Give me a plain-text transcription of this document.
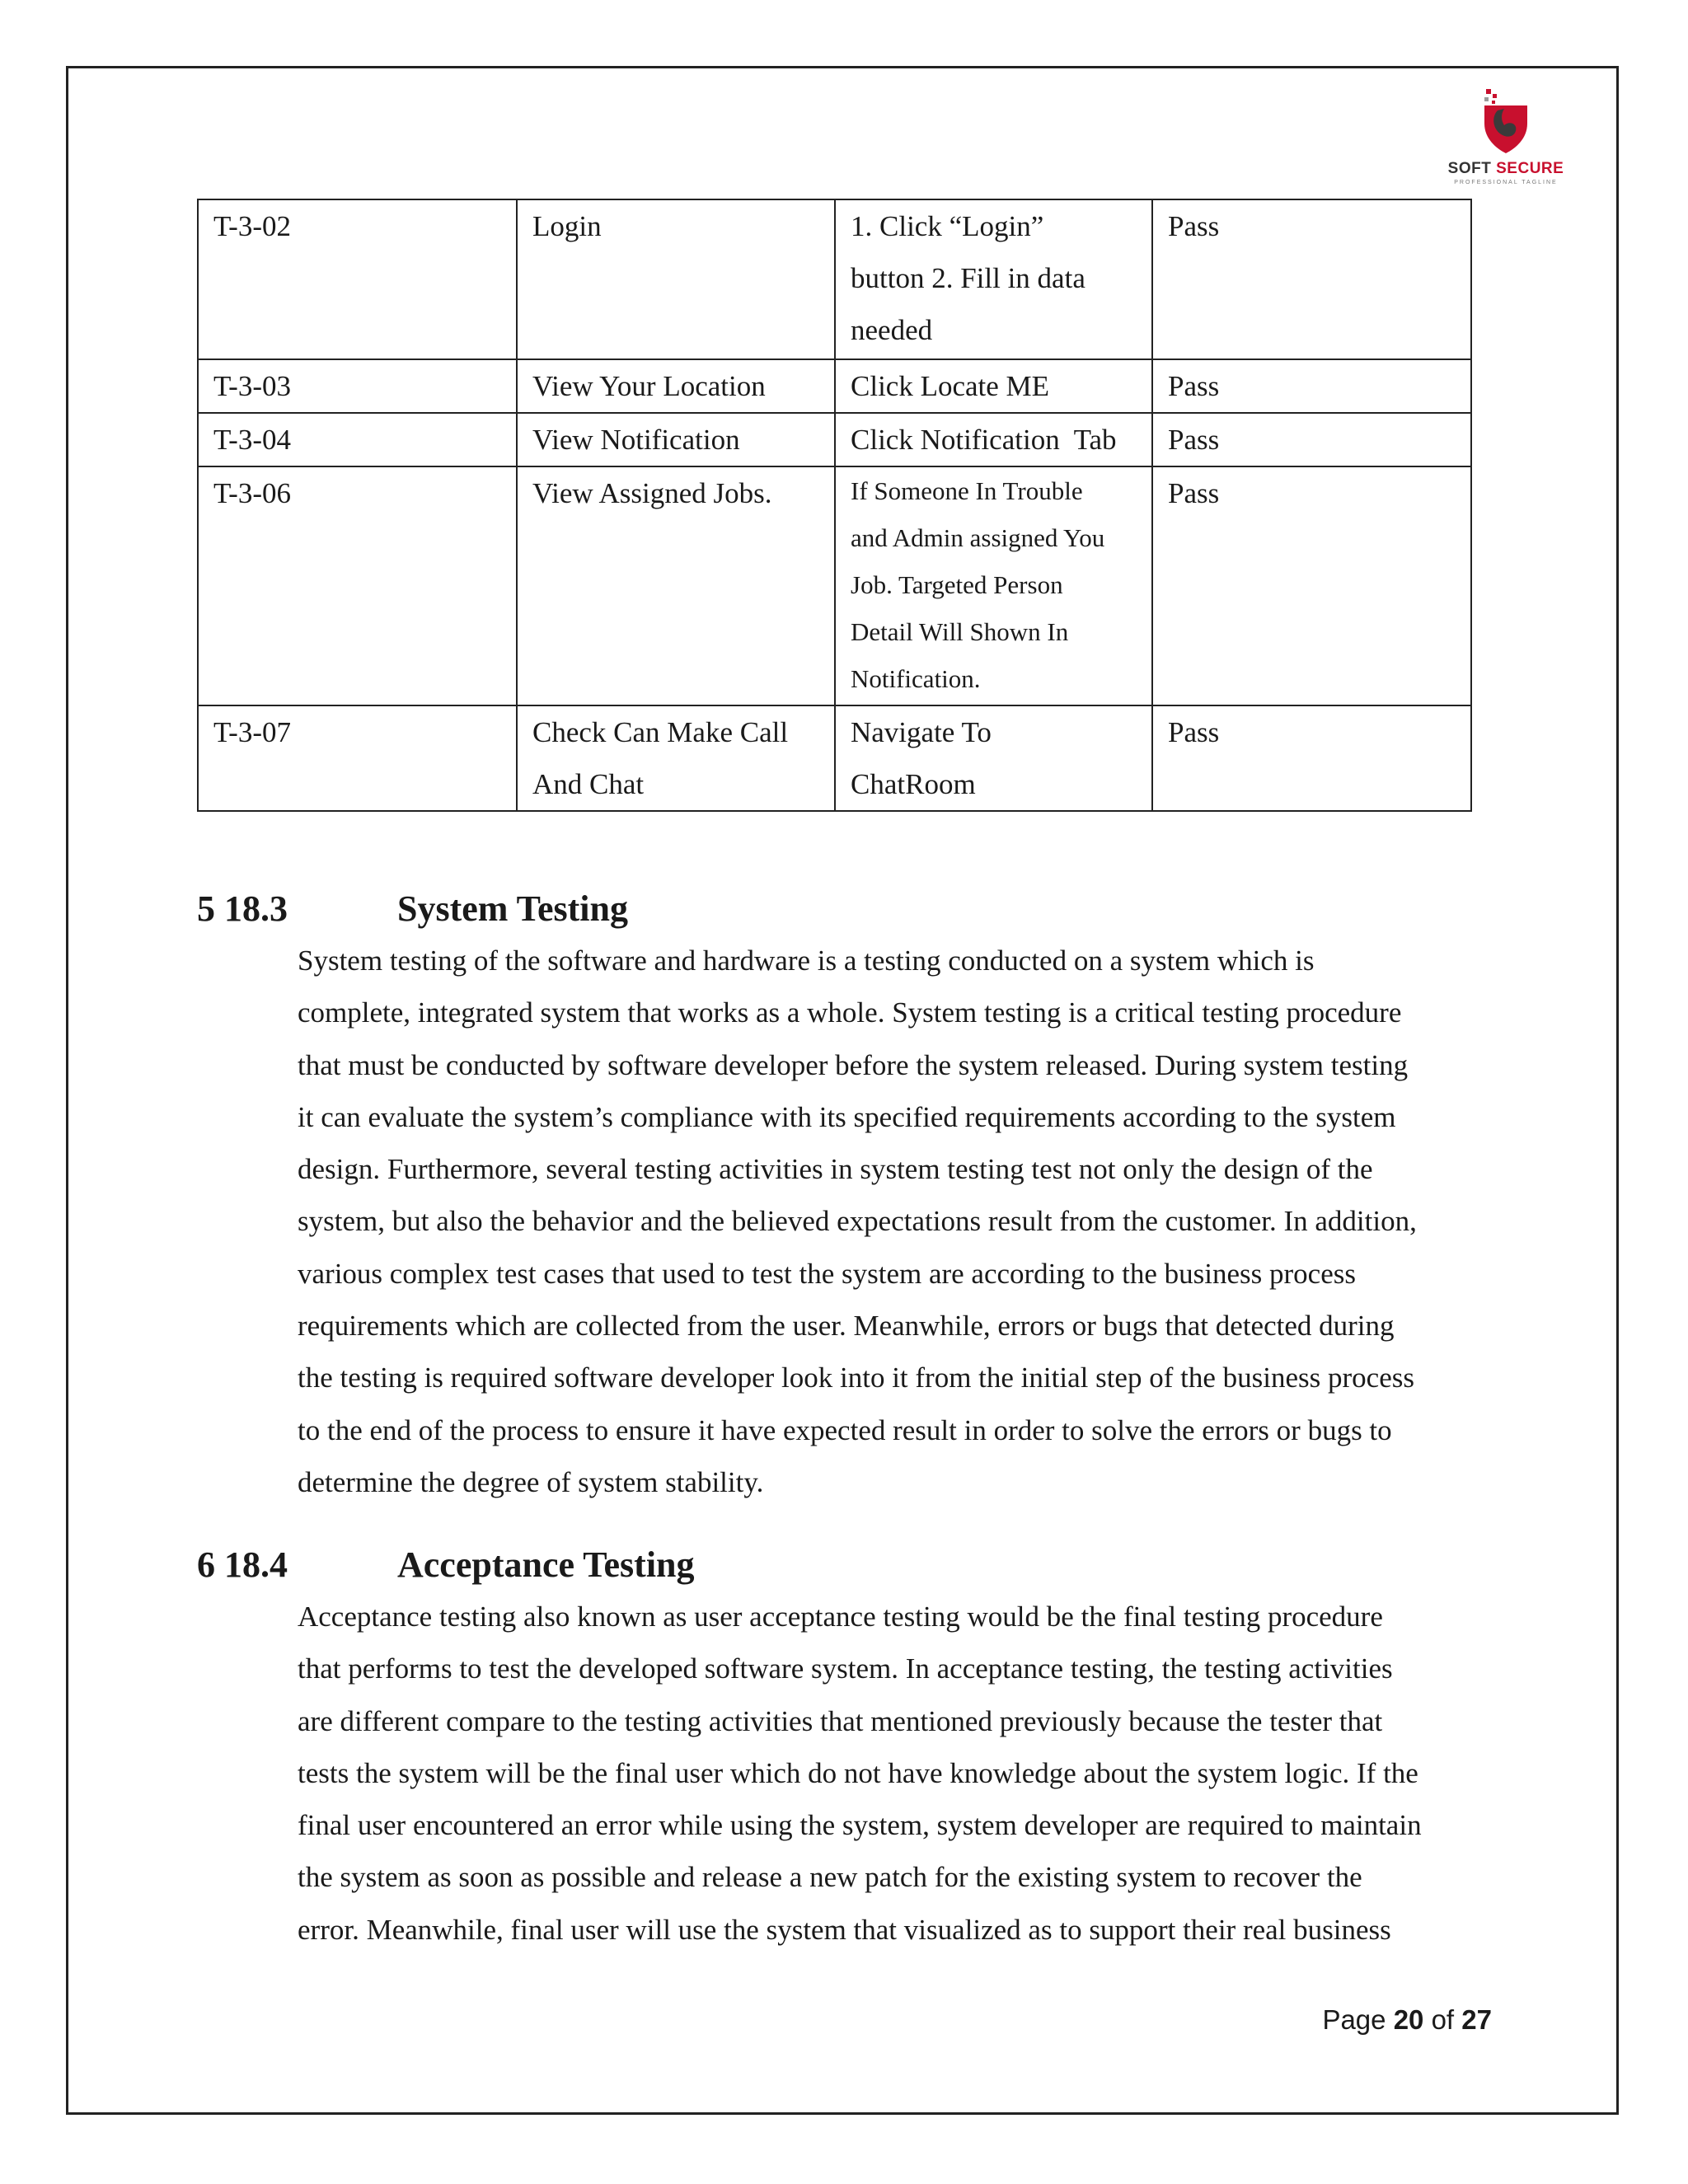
SOFT SECURE
PROFESSIONAL TAGLINE
T-3-02	Login	1. Click “Login”
button 2. Fill in data
needed	Pass

T-3-03	View Your Location	Click Locate ME	Pass

T-3-04	View Notification	Click Notification  Tab	Pass

T-3-06	View Assigned Jobs.	If Someone In Trouble
and Admin assigned You
Job. Targeted Person
Detail Will Shown In
Notification.	Pass

T-3-07	Check Can Make Call And Chat	Navigate To
ChatRoom	Pass
5 18.3	System Testing
System testing of the software and hardware is a testing conducted on a system which is
complete, integrated system that works as a whole. System testing is a critical testing procedure
that must be conducted by software developer before the system released. During system testing
it can evaluate the system’s compliance with its specified requirements according to the system
design. Furthermore, several testing activities in system testing test not only the design of the
system, but also the behavior and the believed expectations result from the customer. In addition,
various complex test cases that used to test the system are according to the business process
requirements which are collected from the user. Meanwhile, errors or bugs that detected during
the testing is required software developer look into it from the initial step of the business process
to the end of the process to ensure it have expected result in order to solve the errors or bugs to
determine the degree of system stability.
6 18.4	Acceptance Testing
Acceptance testing also known as user acceptance testing would be the final testing procedure
that performs to test the developed software system. In acceptance testing, the testing activities
are different compare to the testing activities that mentioned previously because the tester that
tests the system will be the final user which do not have knowledge about the system logic. If the
final user encountered an error while using the system, system developer are required to maintain
the system as soon as possible and release a new patch for the existing system to recover the
error. Meanwhile, final user will use the system that visualized as to support their real business
Page 20 of 27
